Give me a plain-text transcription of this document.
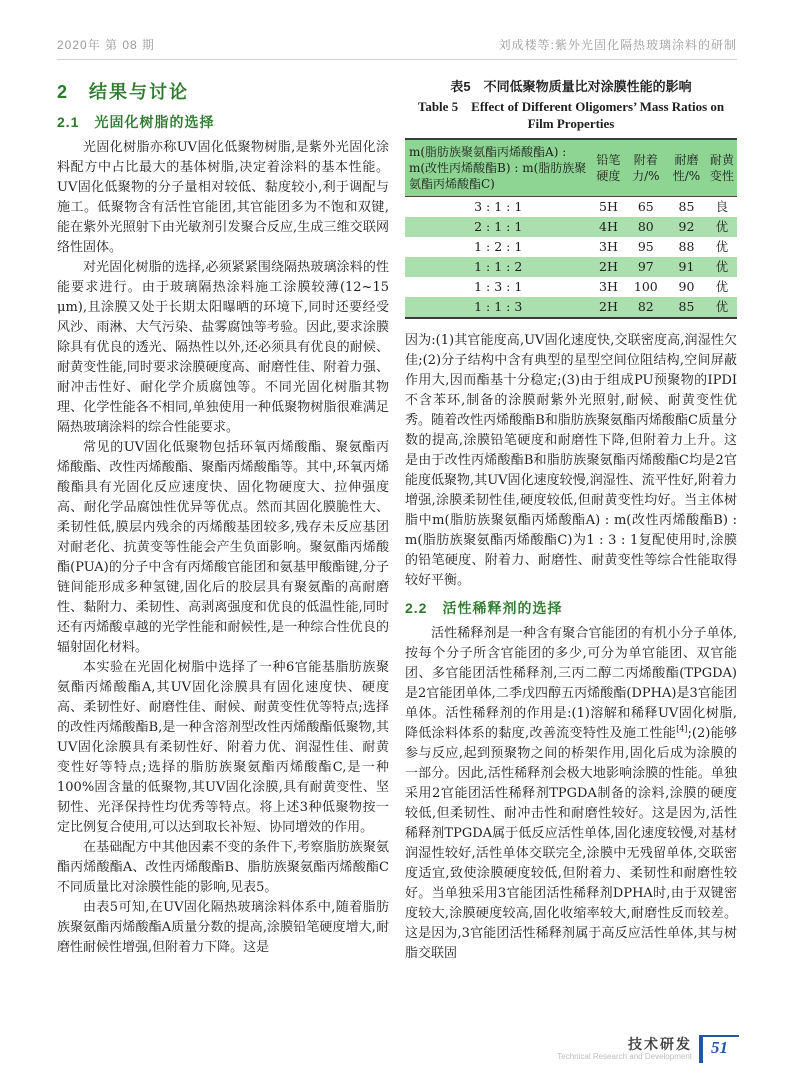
2020年 第 08 期	刘成楼等:紫外光固化隔热玻璃涂料的研制
2　结果与讨论
2.1　光固化树脂的选择

光固化树脂亦称UV固化低聚物树脂,是紫外光固化涂料配方中占比最大的基体树脂,决定着涂料的基本性能。UV固化低聚物的分子量相对较低、黏度较小,利于调配与施工。低聚物含有活性官能团,其官能团多为不饱和双键,能在紫外光照射下由光敏剂引发聚合反应,生成三维交联网络性固体。

对光固化树脂的选择,必须紧紧围绕隔热玻璃涂料的性能要求进行。由于玻璃隔热涂料施工涂膜较薄(12~15 μm),且涂膜又处于长期太阳曝晒的环境下,同时还要经受风沙、雨淋、大气污染、盐雾腐蚀等考验。因此,要求涂膜除具有优良的透光、隔热性以外,还必须具有优良的耐候、耐黄变性能,同时要求涂膜硬度高、耐磨性佳、附着力强、耐冲击性好、耐化学介质腐蚀等。不同光固化树脂其物理、化学性能各不相同,单独使用一种低聚物树脂很难满足隔热玻璃涂料的综合性能要求。

常见的UV固化低聚物包括环氧丙烯酸酯、聚氨酯丙烯酸酯、改性丙烯酸酯、聚酯丙烯酸酯等。其中,环氧丙烯酸酯具有光固化反应速度快、固化物硬度大、拉伸强度高、耐化学品腐蚀性优异等优点。然而其固化膜脆性大、柔韧性低,膜层内残余的丙烯酸基团较多,残存未反应基团对耐老化、抗黄变等性能会产生负面影响。聚氨酯丙烯酸酯(PUA)的分子中含有丙烯酸官能团和氨基甲酸酯键,分子链间能形成多种氢键,固化后的胶层具有聚氨酯的高耐磨性、黏附力、柔韧性、高剥离强度和优良的低温性能,同时还有丙烯酸卓越的光学性能和耐候性,是一种综合性优良的辐射固化材料。

本实验在光固化树脂中选择了一种6官能基脂肪族聚氨酯丙烯酸酯A,其UV固化涂膜具有固化速度快、硬度高、柔韧性好、耐磨性佳、耐候、耐黄变性优等特点;选择的改性丙烯酸酯B,是一种含溶剂型改性丙烯酸酯低聚物,其UV固化涂膜具有柔韧性好、附着力优、润湿性佳、耐黄变性好等特点;选择的脂肪族聚氨酯丙烯酸酯C,是一种100%固含量的低聚物,其UV固化涂膜,具有耐黄变性、坚韧性、光泽保持性均优秀等特点。将上述3种低聚物按一定比例复合使用,可以达到取长补短、协同增效的作用。

在基础配方中其他因素不变的条件下,考察脂肪族聚氨酯丙烯酸酯A、改性丙烯酸酯B、脂肪族聚氨酯丙烯酸酯C不同质量比对涂膜性能的影响,见表5。

由表5可知,在UV固化隔热玻璃涂料体系中,随着脂肪族聚氨酯丙烯酸酯A质量分数的提高,涂膜铅笔硬度增大,耐磨性耐候性增强,但附着力下降。这是

表5　不同低聚物质量比对涂膜性能的影响
Table 5　Effect of Different Oligomers’ Mass Ratios on Film Properties
m(脂肪族聚氨酯丙烯酸酯A) : m(改性丙烯酸酯B) : m(脂肪族聚氨酯丙烯酸酯C)	铅笔硬度	附着力/%	耐磨性/%	耐黄变性
3 : 1 : 1	5H	65	85	良
2 : 1 : 1	4H	80	92	优
1 : 2 : 1	3H	95	88	优
1 : 1 : 2	2H	97	91	优
1 : 3 : 1	3H	100	90	优
1 : 1 : 3	2H	82	85	优

因为:(1)其官能度高,UV固化速度快,交联密度高,润湿性欠佳;(2)分子结构中含有典型的星型空间位阻结构,空间屏蔽作用大,因而酯基十分稳定;(3)由于组成PU预聚物的IPDI不含苯环,制备的涂膜耐紫外光照射,耐候、耐黄变性优秀。随着改性丙烯酸酯B和脂肪族聚氨酯丙烯酸酯C质量分数的提高,涂膜铅笔硬度和耐磨性下降,但附着力上升。这是由于改性丙烯酸酯B和脂肪族聚氨酯丙烯酸酯C均是2官能度低聚物,其UV固化速度较慢,润湿性、流平性好,附着力增强,涂膜柔韧性佳,硬度较低,但耐黄变性均好。当主体树脂中m(脂肪族聚氨酯丙烯酸酯A) : m(改性丙烯酸酯B) : m(脂肪族聚氨酯丙烯酸酯C)为1 : 3 : 1复配使用时,涂膜的铅笔硬度、附着力、耐磨性、耐黄变性等综合性能取得较好平衡。

2.2　活性稀释剂的选择

活性稀释剂是一种含有聚合官能团的有机小分子单体,按每个分子所含官能团的多少,可分为单官能团、双官能团、多官能团活性稀释剂,三丙二醇二丙烯酸酯(TPGDA)是2官能团单体,二季戊四醇五丙烯酸酯(DPHA)是3官能团单体。活性稀释剂的作用是:(1)溶解和稀释UV固化树脂,降低涂料体系的黏度,改善流变特性及施工性能[4];(2)能够参与反应,起到预聚物之间的桥架作用,固化后成为涂膜的一部分。因此,活性稀释剂会极大地影响涂膜的性能。单独采用2官能团活性稀释剂TPGDA制备的涂料,涂膜的硬度较低,但柔韧性、耐冲击性和耐磨性较好。这是因为,活性稀释剂TPGDA属于低反应活性单体,固化速度较慢,对基材润湿性较好,活性单体交联完全,涂膜中无残留单体,交联密度适宜,致使涂膜硬度较低,但附着力、柔韧性和耐磨性较好。当单独采用3官能团活性稀释剂DPHA时,由于双键密度较大,涂膜硬度较高,固化收缩率较大,耐磨性反而较差。这是因为,3官能团活性稀释剂属于高反应活性单体,其与树脂交联固

技术研发
Technical Research and Development	51
